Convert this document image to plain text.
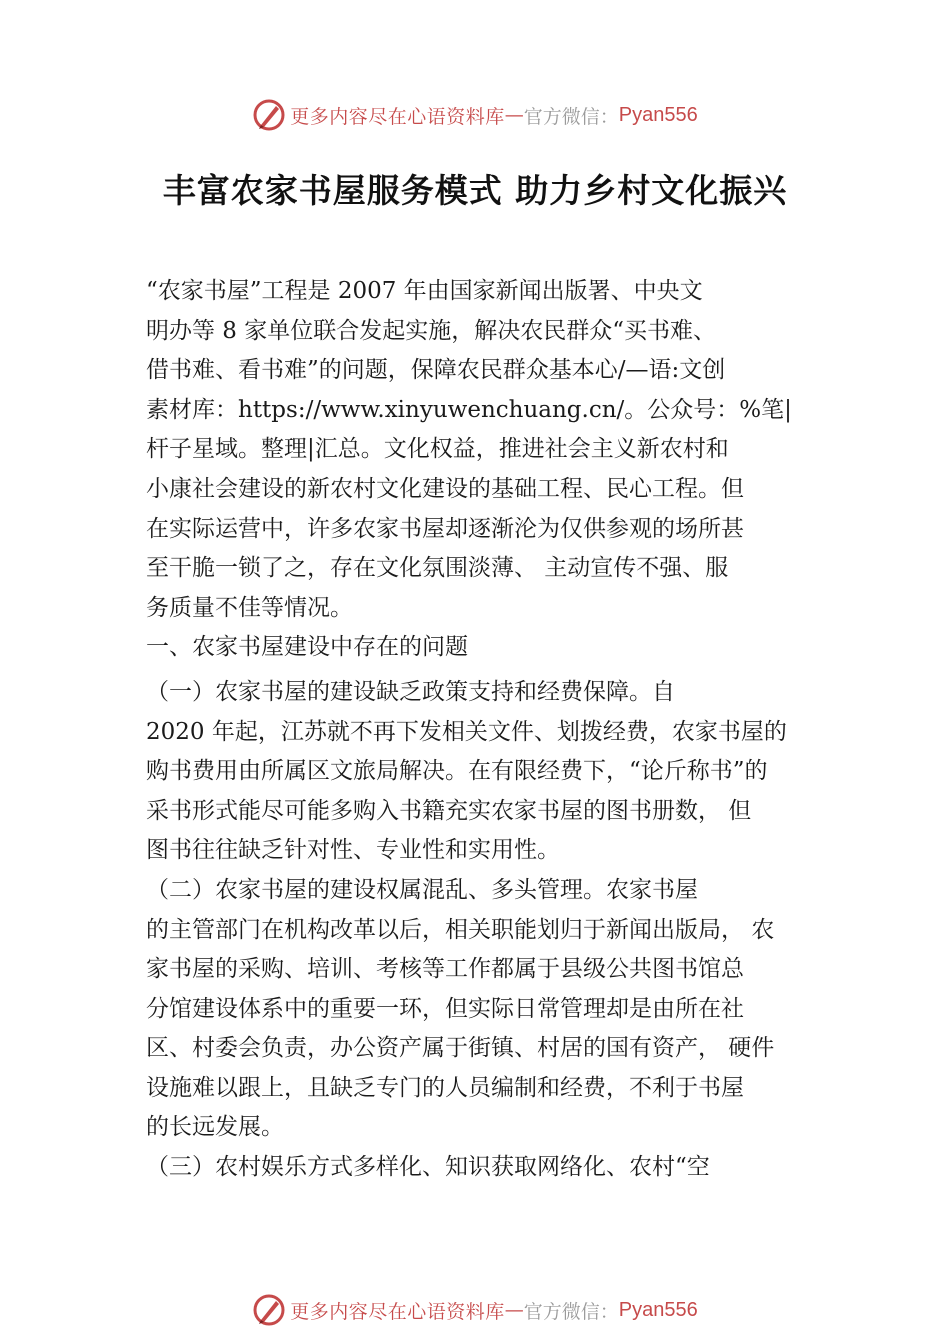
更多内容尽在心语资料库 — 官方微信： Pyan556
丰富农家书屋服务模式 助力乡村文化振兴
“农家书屋”工程是 2007 年由国家新闻出版署、中央文
明办等 8 家单位联合发起实施，解决农民群众“买书难、
借书难、看书难”的问题，保障农民群众基本心/—语:文创
素材库：https://www.xinyuwenchuang.cn/。公众号：%笔|
杆子星域。整理|汇总。文化权益，推进社会主义新农村和
小康社会建设的新农村文化建设的基础工程、民心工程。但
在实际运营中，许多农家书屋却逐渐沦为仅供参观的场所甚
至干脆一锁了之，存在文化氛围淡薄、 主动宣传不强、服
务质量不佳等情况。
一、农家书屋建设中存在的问题
（一）农家书屋的建设缺乏政策支持和经费保障。自
2020 年起，江苏就不再下发相关文件、划拨经费，农家书屋的
购书费用由所属区文旅局解决。在有限经费下，“论斤称书”的
采书形式能尽可能多购入书籍充实农家书屋的图书册数， 但
图书往往缺乏针对性、专业性和实用性。
（二）农家书屋的建设权属混乱、多头管理。农家书屋
的主管部门在机构改革以后，相关职能划归于新闻出版局， 农
家书屋的采购、培训、考核等工作都属于县级公共图书馆总
分馆建设体系中的重要一环，但实际日常管理却是由所在社
区、村委会负责，办公资产属于街镇、村居的国有资产， 硬件
设施难以跟上，且缺乏专门的人员编制和经费，不利于书屋
的长远发展。
（三）农村娱乐方式多样化、知识获取网络化、农村“空
更多内容尽在心语资料库 — 官方微信： Pyan556
